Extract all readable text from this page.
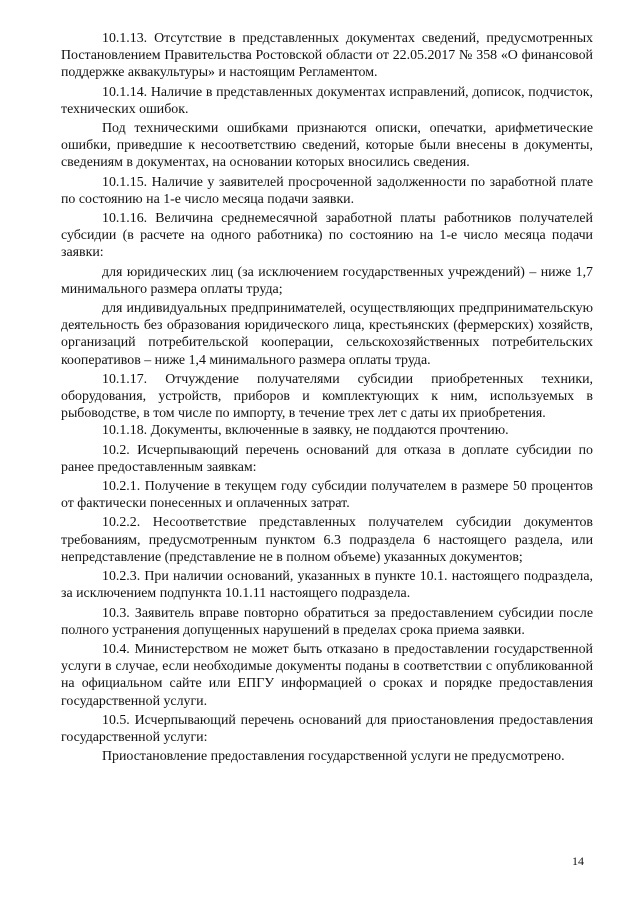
10.1.13. Отсутствие в представленных документах сведений, предусмотренных Постановлением Правительства Ростовской области от 22.05.2017 № 358 «О финансовой поддержке аквакультуры» и настоящим Регламентом.

10.1.14. Наличие в представленных документах исправлений, дописок, подчисток, технических ошибок.

Под техническими ошибками признаются описки, опечатки, арифметические ошибки, приведшие к несоответствию сведений, которые были внесены в документы, сведениям в документах, на основании которых вносились сведения.

10.1.15. Наличие у заявителей просроченной задолженности по заработной плате по состоянию на 1-е число месяца подачи заявки.

10.1.16. Величина среднемесячной заработной платы работников получателей субсидии (в расчете на одного работника) по состоянию на 1-е число месяца подачи заявки:

для юридических лиц (за исключением государственных учреждений) – ниже 1,7 минимального размера оплаты труда;

для индивидуальных предпринимателей, осуществляющих предпринимательскую деятельность без образования юридического лица, крестьянских (фермерских) хозяйств, организаций потребительской кооперации, сельскохозяйственных потребительских кооперативов – ниже 1,4 минимального размера оплаты труда.

10.1.17. Отчуждение получателями субсидии приобретенных техники, оборудования, устройств, приборов и комплектующих к ним, используемых в рыбоводстве, в том числе по импорту, в течение трех лет с даты их приобретения.

10.1.18. Документы, включенные в заявку, не поддаются прочтению.

10.2. Исчерпывающий перечень оснований для отказа в доплате субсидии по ранее предоставленным заявкам:

10.2.1. Получение в текущем году субсидии получателем в размере 50 процентов от фактически понесенных и оплаченных затрат.

10.2.2. Несоответствие представленных получателем субсидии документов требованиям, предусмотренным пунктом 6.3 подраздела 6 настоящего раздела, или непредставление (представление не в полном объеме) указанных документов;

10.2.3. При наличии оснований, указанных в пункте 10.1. настоящего подраздела, за исключением подпункта 10.1.11 настоящего подраздела.

10.3. Заявитель вправе повторно обратиться за предоставлением субсидии после полного устранения допущенных нарушений в пределах срока приема заявки.

10.4. Министерством не может быть отказано в предоставлении государственной услуги в случае, если необходимые документы поданы в соответствии с опубликованной на официальном сайте или ЕПГУ информацией о сроках и порядке предоставления государственной услуги.

10.5. Исчерпывающий перечень оснований для приостановления предоставления государственной услуги:

Приостановление предоставления государственной услуги не предусмотрено.

14
